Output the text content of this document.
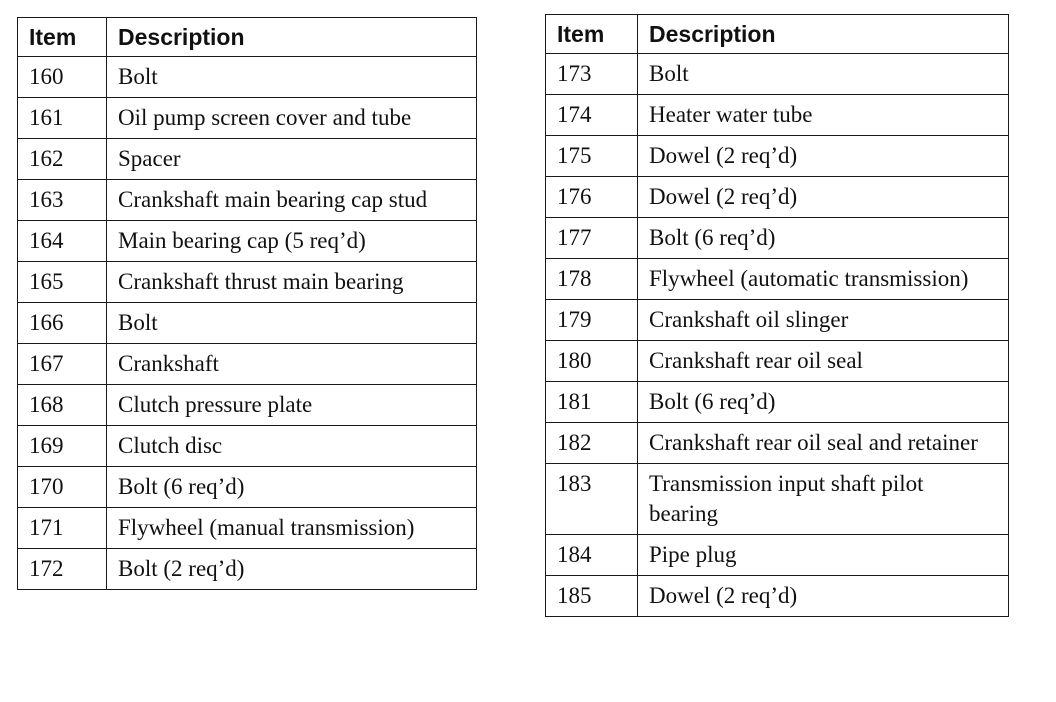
Item	Description
160	Bolt
161	Oil pump screen cover and tube
162	Spacer
163	Crankshaft main bearing cap stud
164	Main bearing cap (5 req’d)
165	Crankshaft thrust main bearing
166	Bolt
167	Crankshaft
168	Clutch pressure plate
169	Clutch disc
170	Bolt (6 req’d)
171	Flywheel (manual transmission)
172	Bolt (2 req’d)
Item	Description
173	Bolt
174	Heater water tube
175	Dowel (2 req’d)
176	Dowel (2 req’d)
177	Bolt (6 req’d)
178	Flywheel (automatic transmission)
179	Crankshaft oil slinger
180	Crankshaft rear oil seal
181	Bolt (6 req’d)
182	Crankshaft rear oil seal and retainer
183	Transmission input shaft pilot bearing
184	Pipe plug
185	Dowel (2 req’d)
